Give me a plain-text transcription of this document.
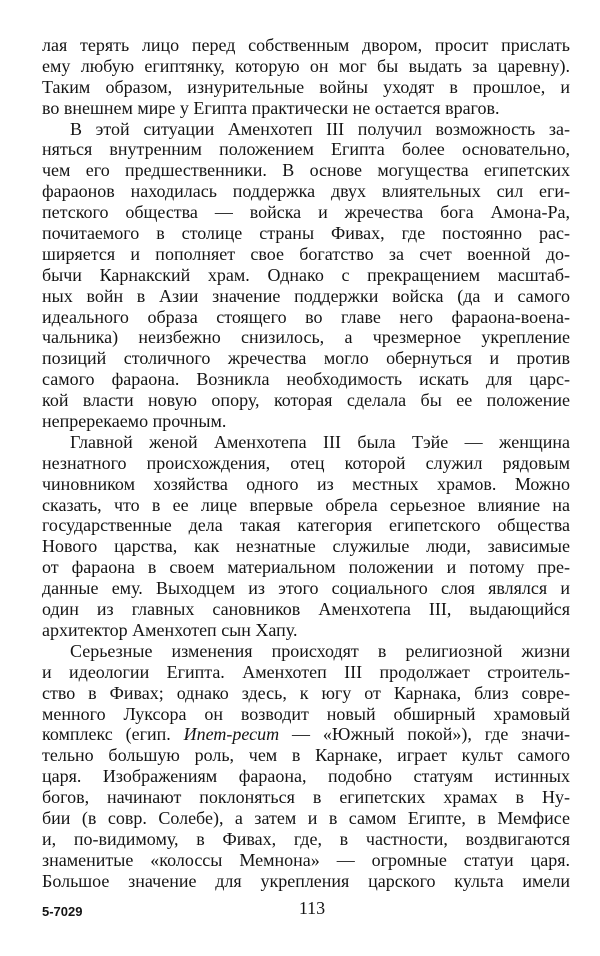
лая терять лицо перед собственным двором, просит прислать
ему любую египтянку, которую он мог бы выдать за царевну).
Таким образом, изнурительные войны уходят в прошлое, и
во внешнем мире у Египта практически не остается врагов.
В этой ситуации Аменхотеп III получил возможность за-
няться внутренним положением Египта более основательно,
чем его предшественники. В основе могущества египетских
фараонов находилась поддержка двух влиятельных сил еги-
петского общества — войска и жречества бога Амона-Ра,
почитаемого в столице страны Фивах, где постоянно рас-
ширяется и пополняет свое богатство за счет военной до-
бычи Карнакский храм. Однако с прекращением масштаб-
ных войн в Азии значение поддержки войска (да и самого
идеального образа стоящего во главе него фараона-воена-
чальника) неизбежно снизилось, а чрезмерное укрепление
позиций столичного жречества могло обернуться и против
самого фараона. Возникла необходимость искать для царс-
кой власти новую опору, которая сделала бы ее положение
непререкаемо прочным.
Главной женой Аменхотепа III была Тэйе — женщина
незнатного происхождения, отец которой служил рядовым
чиновником хозяйства одного из местных храмов. Можно
сказать, что в ее лице впервые обрела серьезное влияние на
государственные дела такая категория египетского общества
Нового царства, как незнатные служилые люди, зависимые
от фараона в своем материальном положении и потому пре-
данные ему. Выходцем из этого социального слоя являлся и
один из главных сановников Аменхотепа III, выдающийся
архитектор Аменхотеп сын Хапу.
Серьезные изменения происходят в религиозной жизни
и идеологии Египта. Аменхотеп III продолжает строитель-
ство в Фивах; однако здесь, к югу от Карнака, близ совре-
менного Луксора он возводит новый обширный храмовый
комплекс (егип. Ипет-ресит — «Южный покой»), где значи-
тельно большую роль, чем в Карнаке, играет культ самого
царя. Изображениям фараона, подобно статуям истинных
богов, начинают поклоняться в египетских храмах в Ну-
бии (в совр. Солебе), а затем и в самом Египте, в Мемфисе
и, по-видимому, в Фивах, где, в частности, воздвигаются
знаменитые «колоссы Мемнона» — огромные статуи царя.
Большое значение для укрепления царского культа имели
5-7029	113
